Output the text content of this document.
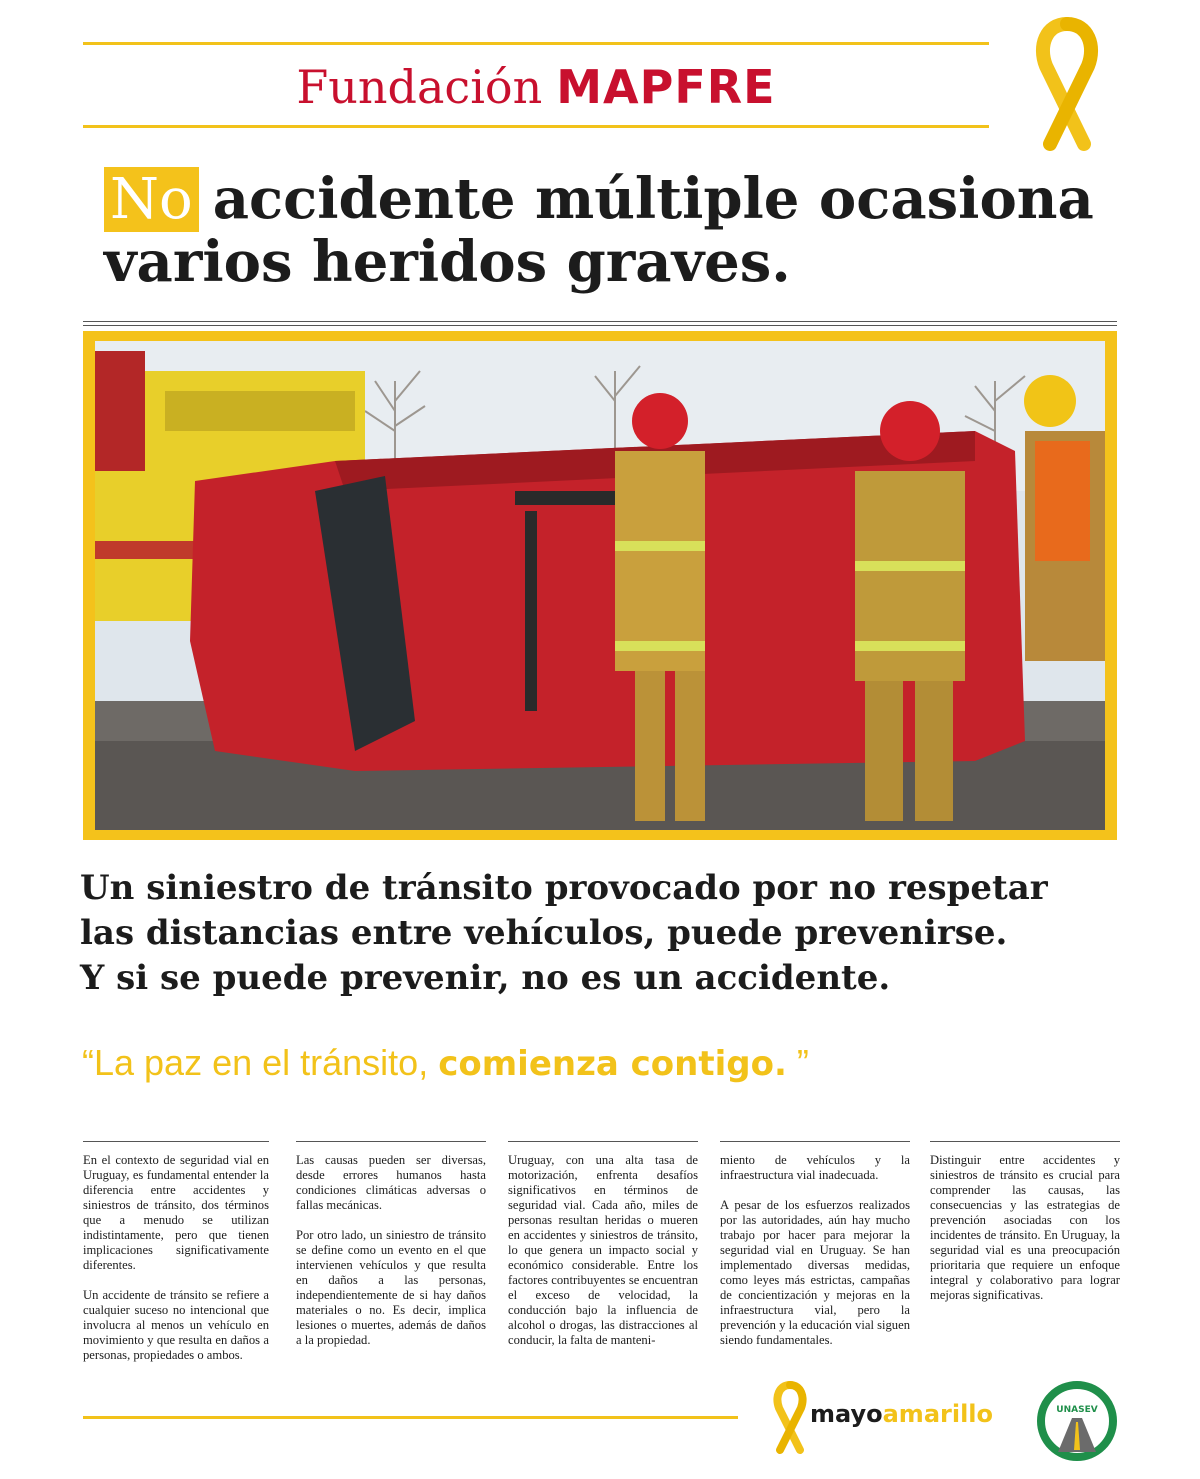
Fundación MAPFRE
No accidente múltiple ocasiona
varios heridos graves.
Un siniestro de tránsito provocado por no respetar
las distancias entre vehículos, puede prevenirse.
Y si se puede prevenir, no es un accidente.
“La paz en el tránsito, comienza contigo. ”

En el contexto de seguridad vial en Uruguay, es fundamental entender la diferencia entre accidentes y siniestros de tránsito, dos términos que a menudo se utilizan indistintamente, pero que tienen implicaciones significativamente diferentes.

Un accidente de tránsito se refiere a cualquier suceso no intencional que involucra al menos un vehículo en movimiento y que resulta en daños a personas, propiedades o ambos.

Las causas pueden ser diversas, desde errores humanos hasta condiciones climáticas adversas o fallas mecánicas.

Por otro lado, un siniestro de tránsito se define como un evento en el que intervienen vehículos y que resulta en daños a las personas, independientemente de si hay daños materiales o no. Es decir, implica lesiones o muertes, además de daños a la propiedad.

Uruguay, con una alta tasa de motorización, enfrenta desafíos significativos en términos de seguridad vial. Cada año, miles de personas resultan heridas o mueren en accidentes y siniestros de tránsito, lo que genera un impacto social y económico considerable. Entre los factores contribuyentes se encuentran el exceso de velocidad, la conducción bajo la influencia de alcohol o drogas, las distracciones al conducir, la falta de manteni-

miento de vehículos y la infraestructura vial inadecuada.

A pesar de los esfuerzos realizados por las autoridades, aún hay mucho trabajo por hacer para mejorar la seguridad vial en Uruguay. Se han implementado diversas medidas, como leyes más estrictas, campañas de concientización y mejoras en la infraestructura vial, pero la prevención y la educación vial siguen siendo fundamentales.

Distinguir entre accidentes y siniestros de tránsito es crucial para comprender las causas, las consecuencias y las estrategias de prevención asociadas con los incidentes de tránsito. En Uruguay, la seguridad vial es una preocupación prioritaria que requiere un enfoque integral y colaborativo para lograr mejoras significativas.

mayoamarillo	UNASEV
